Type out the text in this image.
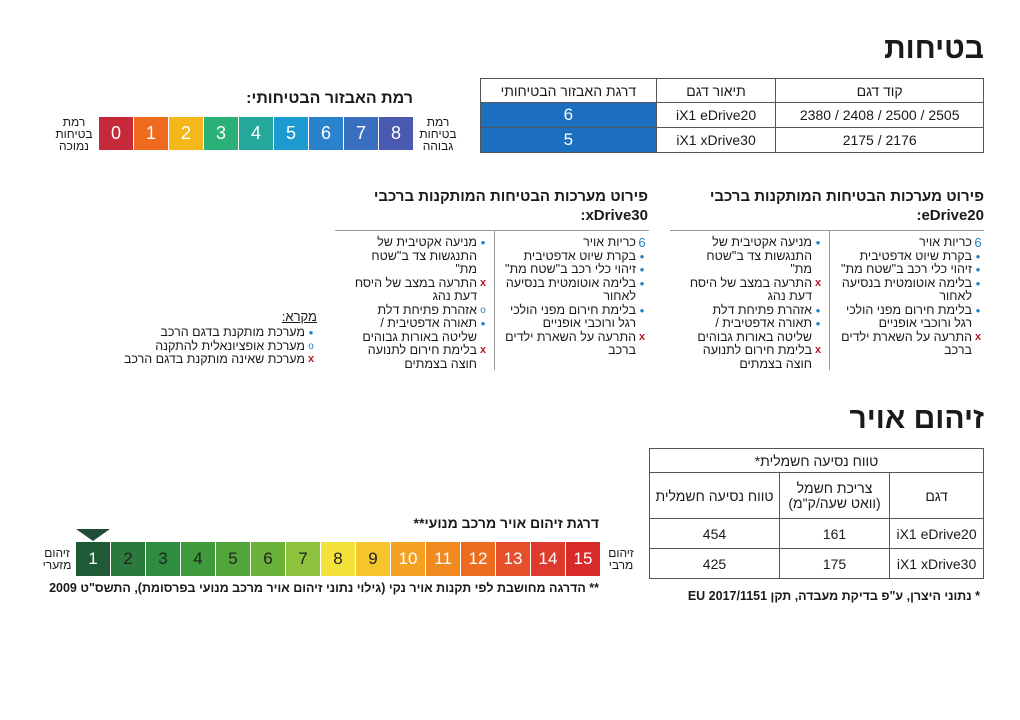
בטיחות
קוד דגם	תיאור דגם	דרגת האבזור הבטיחותי
2380 / 2408 / 2500 / 2505	iX1 eDrive20	6
2175 / 2176	iX1 xDrive30	5
רמת האבזור הבטיחותי:
רמת בטיחות נמוכה
0	1	2	3	4	5	6	7	8
רמת בטיחות גבוהה
פירוט מערכות הבטיחות המותקנות ברכבי eDrive20:
6
כריות אויר
•
בקרת שיוט אדפטיבית
•
זיהוי כלי רכב ב"שטח מת"
•
בלימה אוטומטית בנסיעה לאחור
•
בלימת חירום מפני הולכי רגל ורוכבי אופניים
x
התרעה על השארת ילדים ברכב
•
מניעה אקטיבית של התנגשות צד ב"שטח מת"
x
התרעה במצב של היסח דעת נהג
•
אזהרת פתיחת דלת
•
תאורה אדפטיבית / שליטה באורות גבוהים
x
בלימת חירום לתנועה חוצה בצמתים
פירוט מערכות הבטיחות המותקנות ברכבי xDrive30:
6
כריות אויר
•
בקרת שיוט אדפטיבית
•
זיהוי כלי רכב ב"שטח מת"
•
בלימה אוטומטית בנסיעה לאחור
•
בלימת חירום מפני הולכי רגל ורוכבי אופניים
x
התרעה על השארת ילדים ברכב
•
מניעה אקטיבית של התנגשות צד ב"שטח מת"
x
התרעה במצב של היסח דעת נהג
o
אזהרת פתיחת דלת
•
תאורה אדפטיבית / שליטה באורות גבוהים
x
בלימת חירום לתנועה חוצה בצמתים
מקרא:
•
מערכת מותקנת בדגם הרכב
o
מערכת אופציונאלית להתקנה
x
מערכת שאינה מותקנת בדגם הרכב
זיהום אויר
טווח נסיעה חשמלית*		
דגם	צריכת חשמל (וואט שעה/ק"מ)	טווח נסיעה חשמלית
iX1 eDrive20	161	454
iX1 xDrive30	175	425
* נתוני היצרן, ע"פ בדיקת מעבדה, תקן EU 2017/1151
דרגת זיהום אויר מרכב מנועי**
זיהום מזערי 1	2	3	4	5	6	7	8	9	10 11 12 13 14 15	זיהום מרבי
** הדרגה מחושבת לפי תקנות אויר נקי (גילוי נתוני זיהום אויר מרכב מנועי בפרסומת), התשס"ט 2009
